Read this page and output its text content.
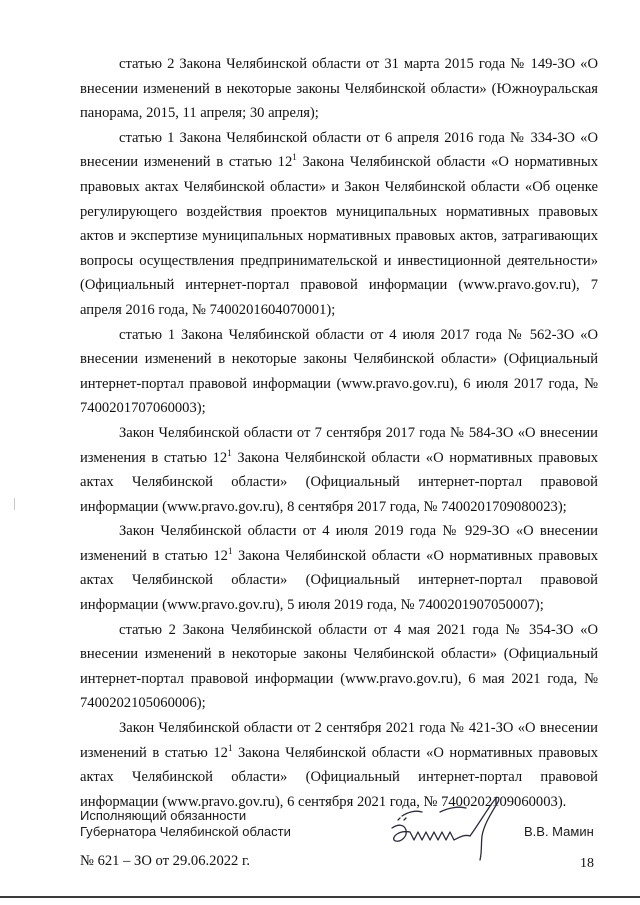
статью 2 Закона Челябинской области от 31 марта 2015 года № 149-ЗО «О внесении изменений в некоторые законы Челябинской области» (Южноуральская панорама, 2015, 11 апреля; 30 апреля);

статью 1 Закона Челябинской области от 6 апреля 2016 года № 334-ЗО «О внесении изменений в статью $12^1$ Закона Челябинской области «О нормативных правовых актах Челябинской области» и Закон Челябинской области «Об оценке регулирующего воздействия проектов муниципальных нормативных правовых актов и экспертизе муниципальных нормативных правовых актов, затрагивающих вопросы осуществления предпринимательской и инвестиционной деятельности» (Официальный интернет-портал правовой информации (www.pravo.gov.ru), 7 апреля 2016 года, № 7400201604070001);

статью 1 Закона Челябинской области от 4 июля 2017 года № 562-ЗО «О внесении изменений в некоторые законы Челябинской области» (Официальный интернет-портал правовой информации (www.pravo.gov.ru), 6 июля 2017 года, № 7400201707060003);

Закон Челябинской области от 7 сентября 2017 года № 584-ЗО «О внесении изменения в статью $12^1$ Закона Челябинской области «О нормативных правовых актах Челябинской области» (Официальный интернет-портал правовой информации (www.pravo.gov.ru), 8 сентября 2017 года, № 7400201709080023);

Закон Челябинской области от 4 июля 2019 года № 929-ЗО «О внесении изменений в статью $12^1$ Закона Челябинской области «О нормативных правовых актах Челябинской области» (Официальный интернет-портал правовой информации (www.pravo.gov.ru), 5 июля 2019 года, № 7400201907050007);

статью 2 Закона Челябинской области от 4 мая 2021 года № 354-ЗО «О внесении изменений в некоторые законы Челябинской области» (Официальный интернет-портал правовой информации (www.pravo.gov.ru), 6 мая 2021 года, № 7400202105060006);

Закон Челябинской области от 2 сентября 2021 года № 421-ЗО «О внесении изменений в статью $12^1$ Закона Челябинской области «О нормативных правовых актах Челябинской области» (Официальный интернет-портал правовой информации (www.pravo.gov.ru), 6 сентября 2021 года, № 7400202109060003).

Исполняющий обязанности
Губернатора Челябинской области	В.В. Мамин
№ 621 – ЗО от 29.06.2022 г.	18
